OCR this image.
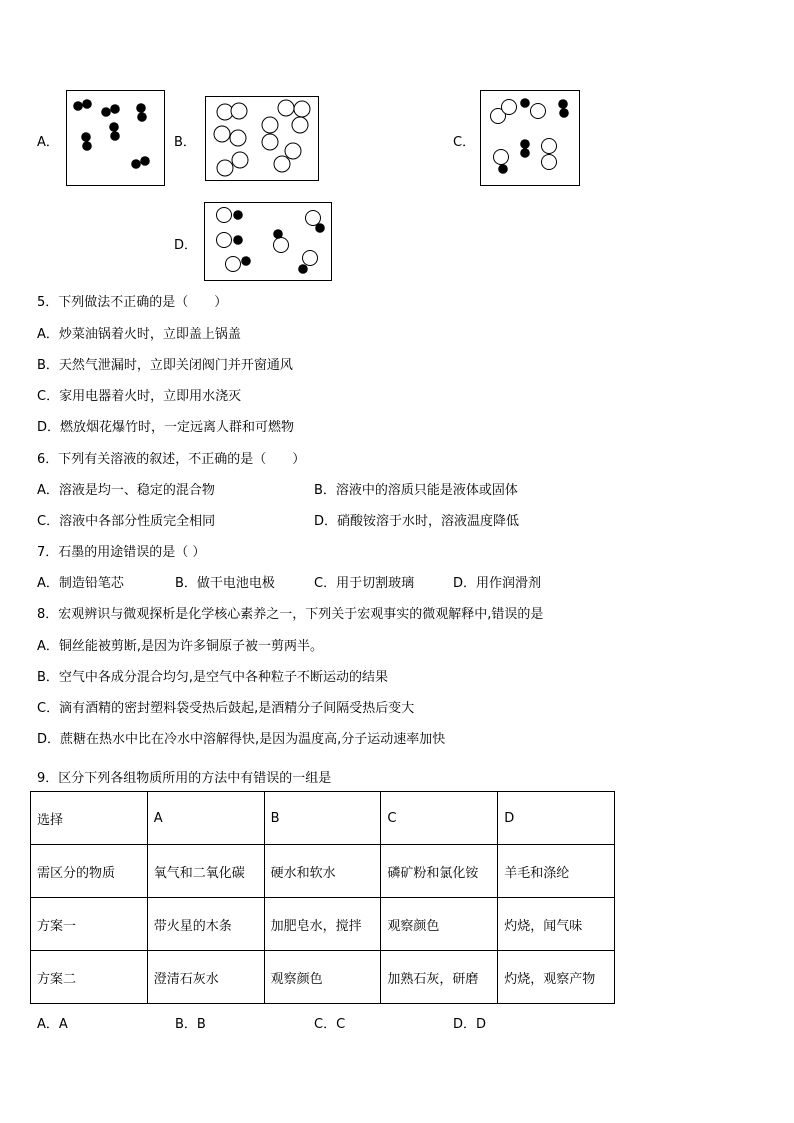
A．	B．	C．
D．
5．下列做法不正确的是（　　）
A．炒菜油锅着火时，立即盖上锅盖
B．天然气泄漏时，立即关闭阀门并开窗通风
C．家用电器着火时，立即用水浇灭
D．燃放烟花爆竹时，一定远离人群和可燃物
6．下列有关溶液的叙述，不正确的是（　　）
A．溶液是均一、稳定的混合物	B．溶液中的溶质只能是液体或固体
C．溶液中各部分性质完全相同	D．硝酸铵溶于水时，溶液温度降低
7．石墨的用途错误的是（ ）
A．制造铅笔芯	B．做干电池电极	C．用于切割玻璃	D．用作润滑剂
8．宏观辨识与微观探析是化学核心素养之一，下列关于宏观事实的微观解释中,错误的是
A．铜丝能被剪断,是因为许多铜原子被一剪两半。
B．空气中各成分混合均匀,是空气中各种粒子不断运动的结果
C．滴有酒精的密封塑料袋受热后鼓起,是酒精分子间隔受热后变大
D．蔗糖在热水中比在冷水中溶解得快,是因为温度高,分子运动速率加快
9．区分下列各组物质所用的方法中有错误的一组是
选择	A	B	C	D
需区分的物质	氧气和二氧化碳	硬水和软水	磷矿粉和氯化铵	羊毛和涤纶
方案一	带火星的木条	加肥皂水，搅拌	观察颜色	灼烧，闻气味
方案二	澄清石灰水	观察颜色	加熟石灰，研磨	灼烧，观察产物
A．A	B．B	C．C	D．D
